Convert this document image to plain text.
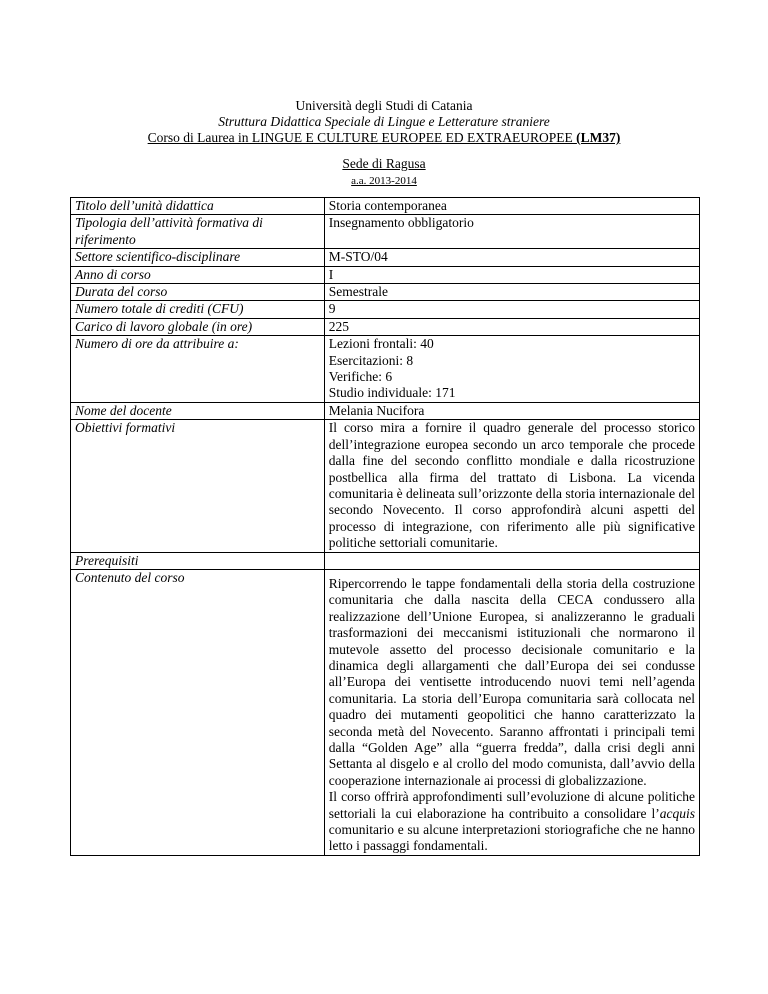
Università degli Studi di Catania
Struttura Didattica Speciale di Lingue e Letterature straniere
Corso di Laurea in LINGUE E CULTURE EUROPEE ED EXTRAEUROPEE (LM37)
Sede di Ragusa
a.a. 2013-2014
Titolo dell’unità didattica	Storia contemporanea
Tipologia dell’attività formativa di riferimento	Insegnamento obbligatorio
Settore scientifico-disciplinare	M-STO/04
Anno di corso	I
Durata del corso	Semestrale
Numero totale di crediti (CFU)	9
Carico di lavoro globale (in ore)	225
Numero di ore da attribuire a:	Lezioni frontali: 40
Esercitazioni: 8
Verifiche: 6
Studio individuale: 171

Nome del docente	Melania Nucifora
Obiettivi formativi	Il corso mira a fornire il quadro generale del processo storico dell’integrazione europea secondo un arco temporale che procede dalla fine del secondo conflitto mondiale e dalla ricostruzione postbellica alla firma del trattato di Lisbona. La vicenda comunitaria è delineata sull’orizzonte della storia internazionale del secondo Novecento. Il corso approfondirà alcuni aspetti del processo di integrazione, con riferimento alle più significative politiche settoriali comunitarie.
Prerequisiti	
Contenuto del corso	Ripercorrendo le tappe fondamentali della storia della costruzione comunitaria che dalla nascita della CECA condussero alla realizzazione dell’Unione Europea, si analizzeranno le graduali trasformazioni dei meccanismi istituzionali che normarono il mutevole assetto del processo decisionale comunitario e la dinamica degli allargamenti che dall’Europa dei sei condusse all’Europa dei ventisette introducendo nuovi temi nell’agenda comunitaria. La storia dell’Europa comunitaria sarà collocata nel quadro dei mutamenti geopolitici che hanno caratterizzato la seconda metà del Novecento. Saranno affrontati i principali temi dalla “Golden Age” alla “guerra fredda”, dalla crisi degli anni Settanta al disgelo e al crollo del modo comunista, dall’avvio della cooperazione internazionale ai processi di globalizzazione.
Il corso offrirà approfondimenti sull’evoluzione di alcune politiche settoriali la cui elaborazione ha contribuito a consolidare l’acquis comunitario e su alcune interpretazioni storiografiche che ne hanno letto i passaggi fondamentali.
